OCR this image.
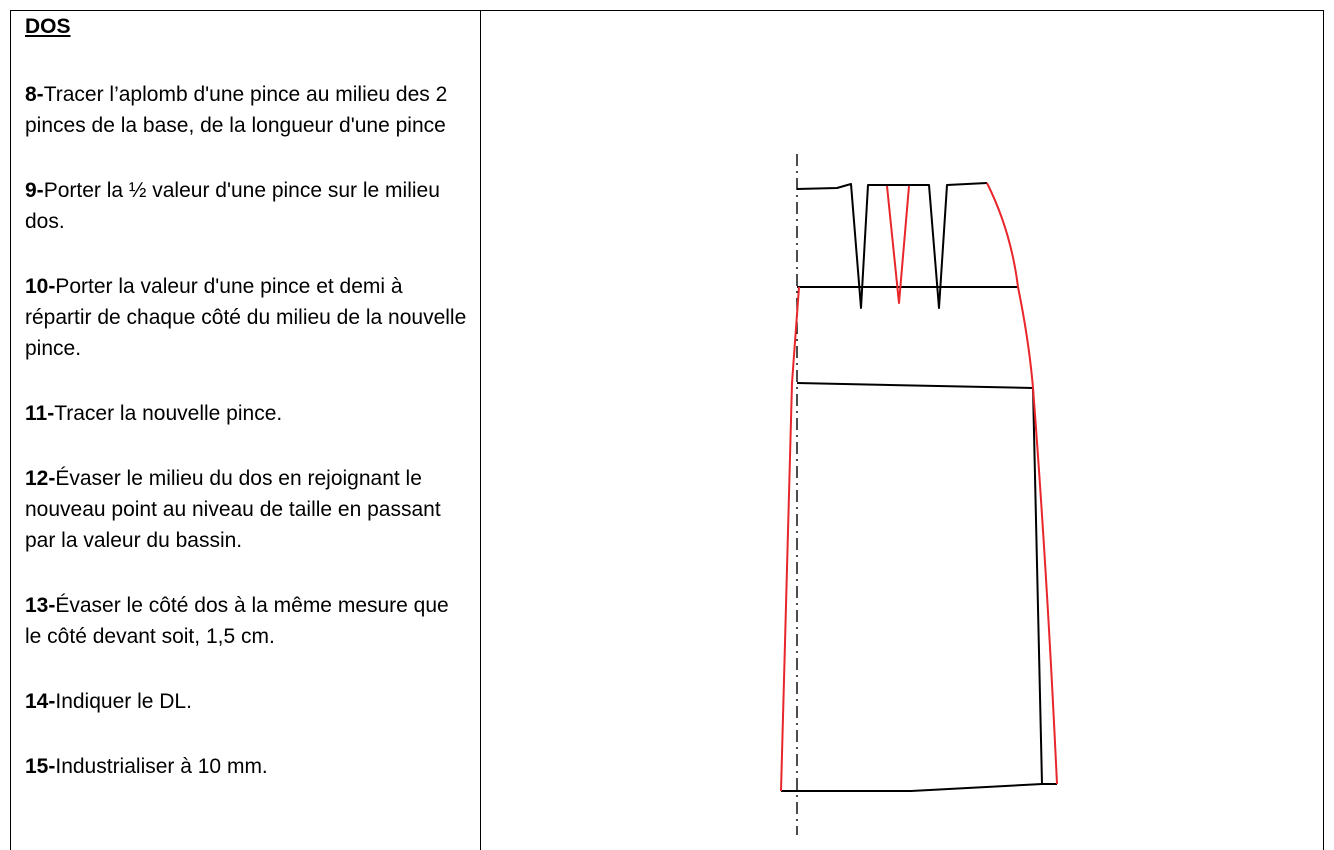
DOS

8-Tracer l’aplomb d'une pince au milieu des 2 pinces de la base, de la longueur d'une pince
9-Porter la ½ valeur d'une pince sur le milieu dos.
10-Porter la valeur d'une pince et demi à répartir de chaque côté du milieu de la nouvelle pince.
11-Tracer la nouvelle pince.
12-Évaser le milieu du dos en rejoignant le nouveau point au niveau de taille en passant par la valeur du bassin.
13-Évaser le côté dos à la même mesure que le côté devant soit, 1,5 cm.
14-Indiquer le DL.
15-Industrialiser à 10 mm.
